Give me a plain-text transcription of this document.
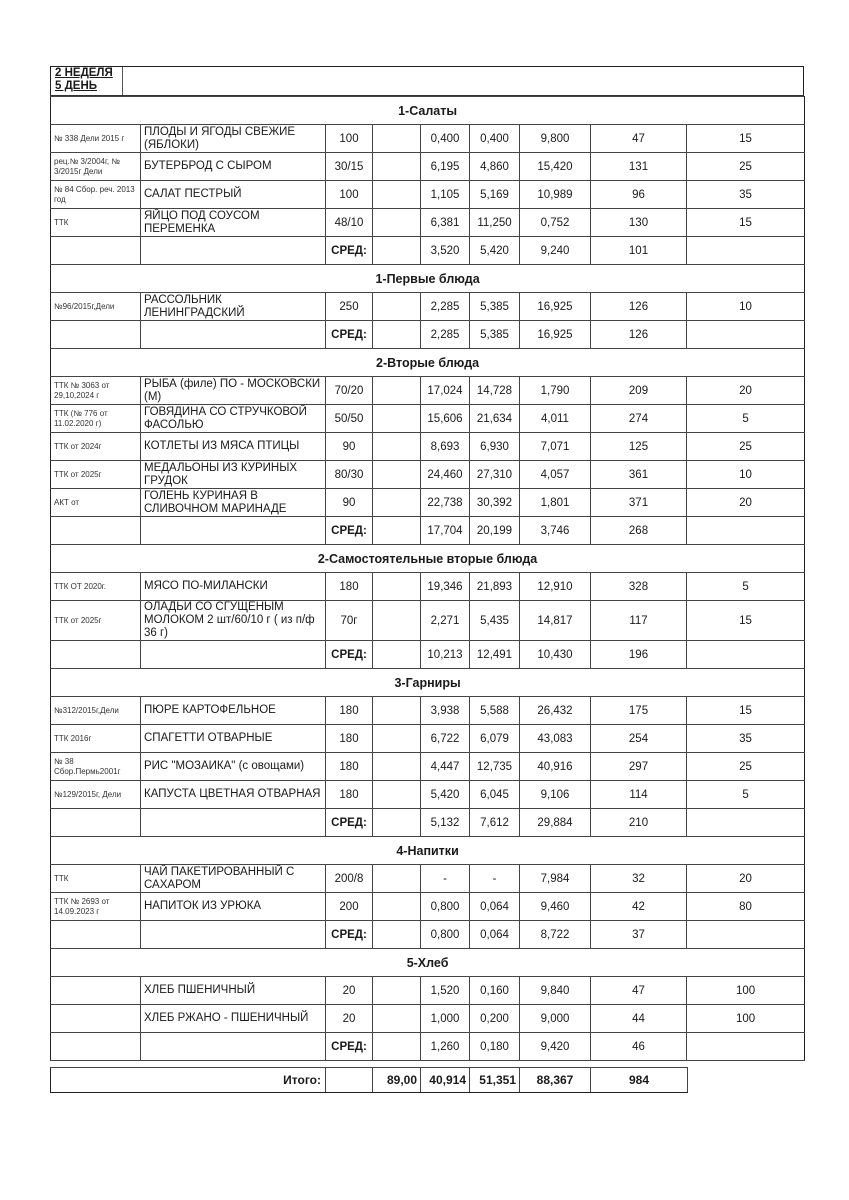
2 НЕДЕЛЯ
5 ДЕНЬ
1-Салаты								
№ 338 Дели 2015 г	ПЛОДЫ И ЯГОДЫ СВЕЖИЕ (ЯБЛОКИ)	100		0,400	0,400	9,800	47	15
рец.№ 3/2004г, № 3/2015г Дели	БУТЕРБРОД С СЫРОМ	30/15		6,195	4,860	15,420	131	25
№ 84 Сбор. реч. 2013 год	САЛАТ ПЕСТРЫЙ	100		1,105	5,169	10,989	96	35
ТТК	ЯЙЦО ПОД СОУСОМ ПЕРЕМЕНКА	48/10		6,381	11,250	0,752	130	15
		СРЕД:		3,520	5,420	9,240	101	
1-Первые блюда								
№96/2015г,Дели	РАССОЛЬНИК ЛЕНИНГРАДСКИЙ	250		2,285	5,385	16,925	126	10
		СРЕД:		2,285	5,385	16,925	126	
2-Вторые блюда								
ТТК № 3063 от 29,10,2024 г	РЫБА (филе) ПО - МОСКОВСКИ (М)	70/20		17,024	14,728	1,790	209	20
ТТК (№ 776 от 11.02.2020 г)	ГОВЯДИНА СО СТРУЧКОВОЙ ФАСОЛЬЮ	50/50		15,606	21,634	4,011	274	5
ТТК от 2024г	КОТЛЕТЫ ИЗ МЯСА ПТИЦЫ	90		8,693	6,930	7,071	125	25
ТТК от 2025г	МЕДАЛЬОНЫ ИЗ КУРИНЫХ ГРУДОК	80/30		24,460	27,310	4,057	361	10
АКТ от	ГОЛЕНЬ КУРИНАЯ В СЛИВОЧНОМ МАРИНАДЕ	90		22,738	30,392	1,801	371	20
		СРЕД:		17,704	20,199	3,746	268	
2-Самостоятельные вторые блюда								
ТТК ОТ 2020г.	МЯСО ПО-МИЛАНСКИ	180		19,346	21,893	12,910	328	5
ТТК от 2025г	ОЛАДЬИ СО СГУЩЕНЫМ МОЛОКОМ 2 шт/60/10 г ( из п/ф 36 г)	70г		2,271	5,435	14,817	117	15
		СРЕД:		10,213	12,491	10,430	196	
3-Гарниры								
№312/2015г,Дели	ПЮРЕ КАРТОФЕЛЬНОЕ	180		3,938	5,588	26,432	175	15
ТТК 2016г	СПАГЕТТИ ОТВАРНЫЕ	180		6,722	6,079	43,083	254	35
№ 38 Сбор.Пермь2001г	РИС "МОЗАИКА" (с овощами)	180		4,447	12,735	40,916	297	25
№129/2015г, Дели	КАПУСТА ЦВЕТНАЯ ОТВАРНАЯ	180		5,420	6,045	9,106	114	5
		СРЕД:		5,132	7,612	29,884	210	
4-Напитки								
ТТК	ЧАЙ ПАКЕТИРОВАННЫЙ С САХАРОМ	200/8		-	-	7,984	32	20
ТТК № 2693 от 14.09.2023 г	НАПИТОК ИЗ УРЮКА	200		0,800	0,064	9,460	42	80
		СРЕД:		0,800	0,064	8,722	37	
5-Хлеб								
	ХЛЕБ ПШЕНИЧНЫЙ	20		1,520	0,160	9,840	47	100
	ХЛЕБ РЖАНО - ПШЕНИЧНЫЙ	20		1,000	0,200	9,000	44	100
		СРЕД:		1,260	0,180	9,420	46	
Итого:		89,00	40,914	51,351	88,367	984
